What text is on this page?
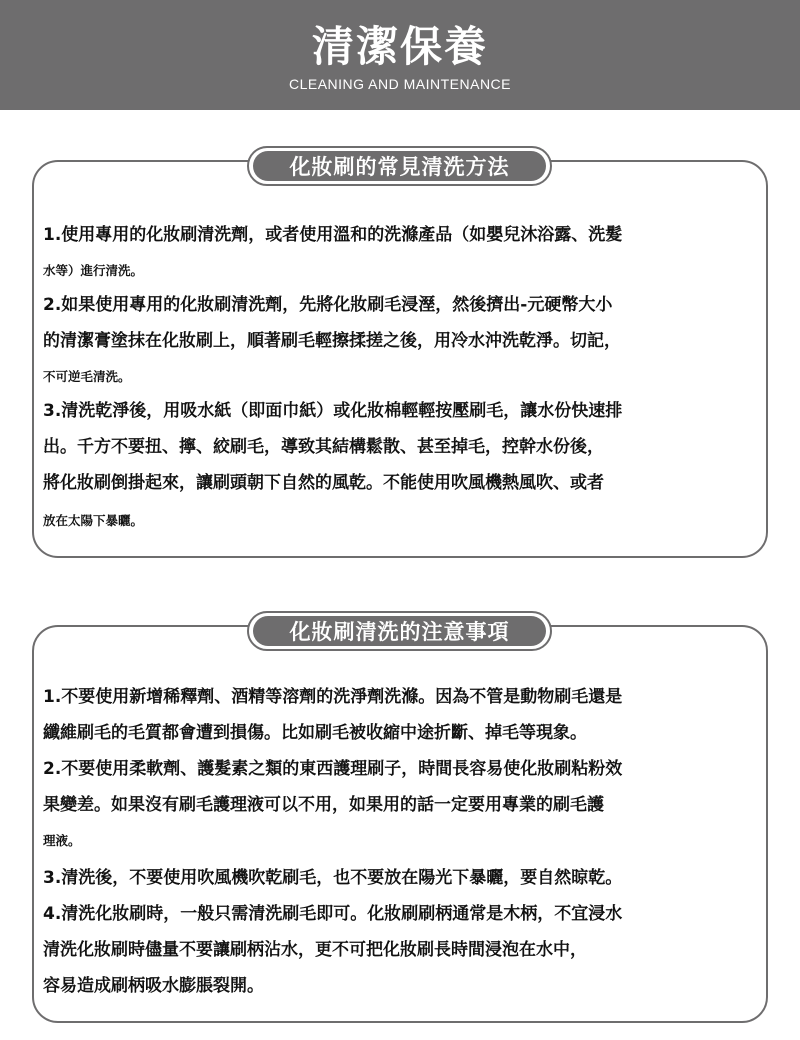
清潔保養
CLEANING AND MAINTENANCE
化妝刷的常見清洗方法
1.使用專用的化妝刷清洗劑，或者使用溫和的洗滌產品（如嬰兒沐浴露、洗髮
水等）進行清洗。
2.如果使用專用的化妝刷清洗劑，先將化妝刷毛浸溼，然後擠出-元硬幣大小
的清潔膏塗抹在化妝刷上，順著刷毛輕擦揉搓之後，用冷水沖洗乾淨。切記，
不可逆毛清洗。
3.清洗乾淨後，用吸水紙（即面巾紙）或化妝棉輕輕按壓刷毛，讓水份快速排
出。千方不要扭、擰、絞刷毛，導致其結構鬆散、甚至掉毛，控幹水份後，
將化妝刷倒掛起來，讓刷頭朝下自然的風乾。不能使用吹風機熱風吹、或者
放在太陽下暴曬。
化妝刷清洗的注意事項
1.不要使用新增稀釋劑、酒精等溶劑的洗淨劑洗滌。因為不管是動物刷毛還是
纖維刷毛的毛質都會遭到損傷。比如刷毛被收縮中途折斷、掉毛等現象。
2.不要使用柔軟劑、護髮素之類的東西護理刷子，時間長容易使化妝刷粘粉效
果變差。如果沒有刷毛護理液可以不用，如果用的話一定要用專業的刷毛護
理液。
3.清洗後，不要使用吹風機吹乾刷毛，也不要放在陽光下暴曬，要自然晾乾。
4.清洗化妝刷時，一般只需清洗刷毛即可。化妝刷刷柄通常是木柄，不宜浸水
清洗化妝刷時儘量不要讓刷柄沾水，更不可把化妝刷長時間浸泡在水中，
容易造成刷柄吸水膨脹裂開。
